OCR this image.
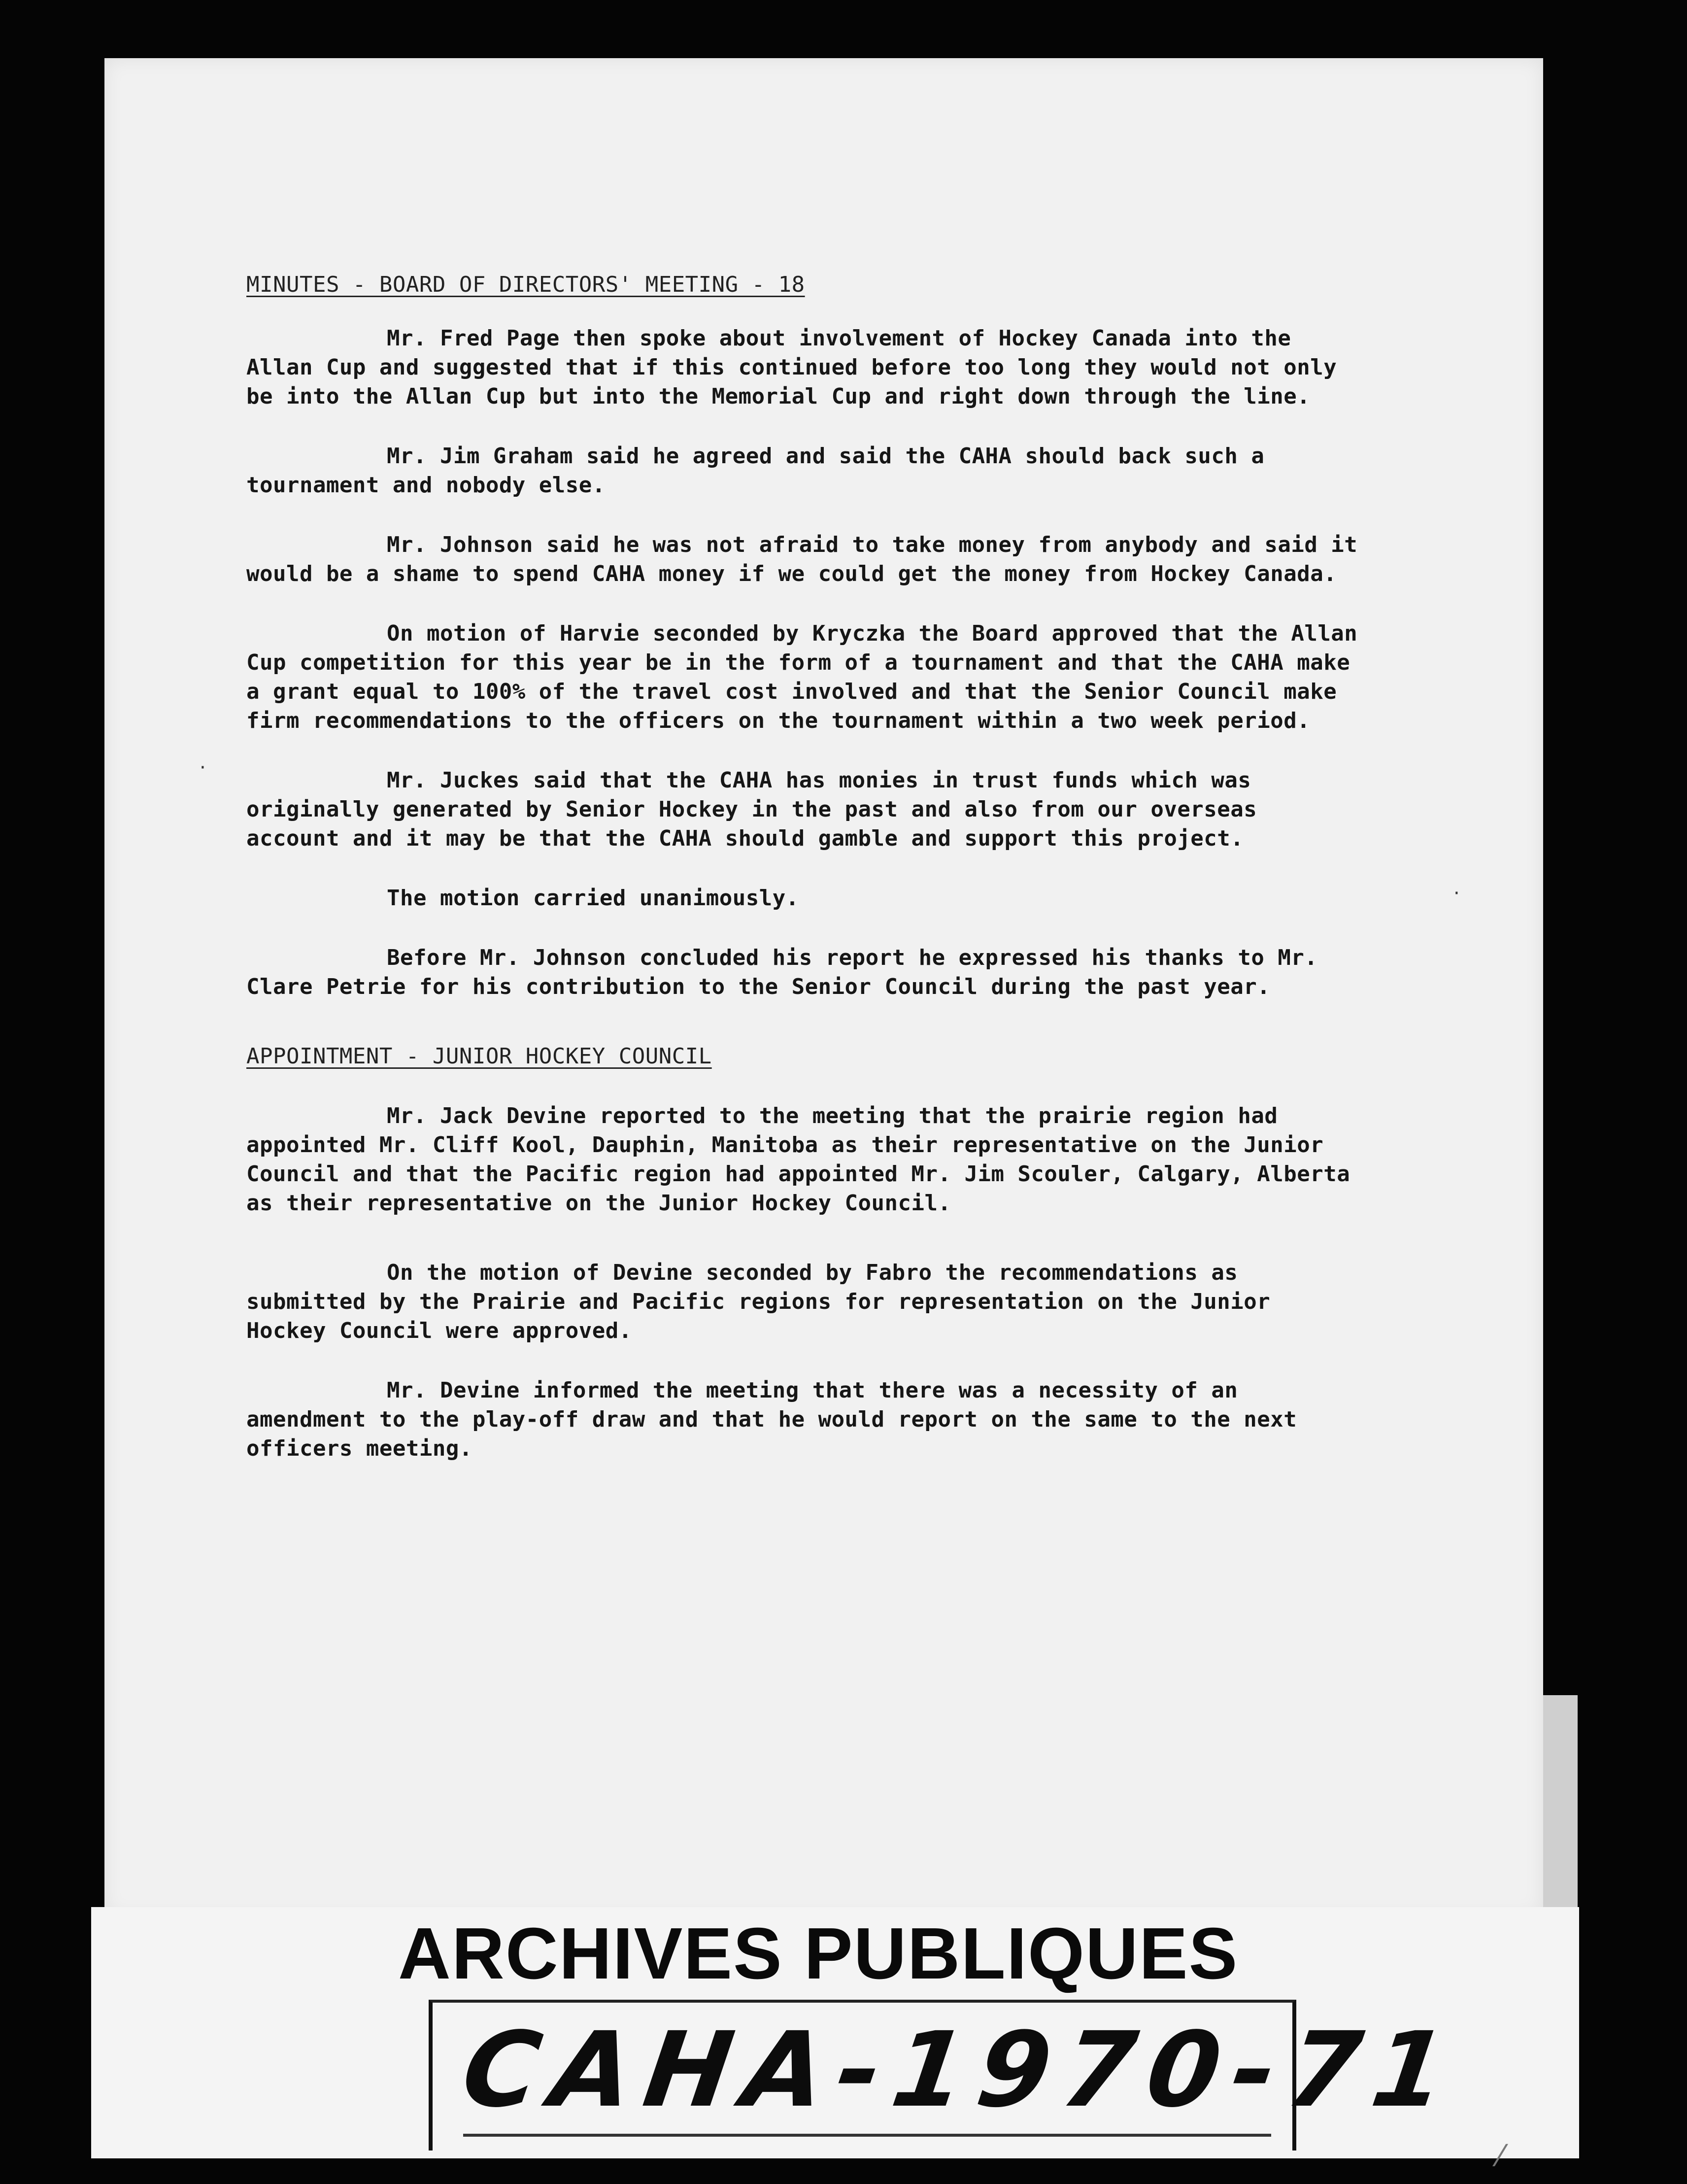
MINUTES - BOARD OF DIRECTORS' MEETING - 18

Mr. Fred Page then spoke about involvement of Hockey Canada into the Allan Cup and suggested that if this continued before too long they would not only be into the Allan Cup but into the Memorial Cup and right down through the line.

Mr. Jim Graham said he agreed and said the CAHA should back such a tournament and nobody else.

Mr. Johnson said he was not afraid to take money from anybody and said it would be a shame to spend CAHA money if we could get the money from Hockey Canada.

On motion of Harvie seconded by Kryczka the Board approved that the Allan Cup competition for this year be in the form of a tournament and that the CAHA make a grant equal to 100% of the travel cost involved and that the Senior Council make firm recommendations to the officers on the tournament within a two week period.

Mr. Juckes said that the CAHA has monies in trust funds which was originally generated by Senior Hockey in the past and also from our overseas account and it may be that the CAHA should gamble and support this project.

The motion carried unanimously.

Before Mr. Johnson concluded his report he expressed his thanks to Mr. Clare Petrie for his contribution to the Senior Council during the past year.

APPOINTMENT - JUNIOR HOCKEY COUNCIL

Mr. Jack Devine reported to the meeting that the prairie region had appointed Mr. Cliff Kool, Dauphin, Manitoba as their representative on the Junior Council and that the Pacific region had appointed Mr. Jim Scouler, Calgary, Alberta as their representative on the Junior Hockey Council.

On the motion of Devine seconded by Fabro the recommendations as submitted by the Prairie and Pacific regions for representation on the Junior Hockey Council were approved.

Mr. Devine informed the meeting that there was a necessity of an amendment to the play-off draw and that he would report on the same to the next officers meeting.

ARCHIVES PUBLIQUES
CAHA-1970-71
·
·
⁄
